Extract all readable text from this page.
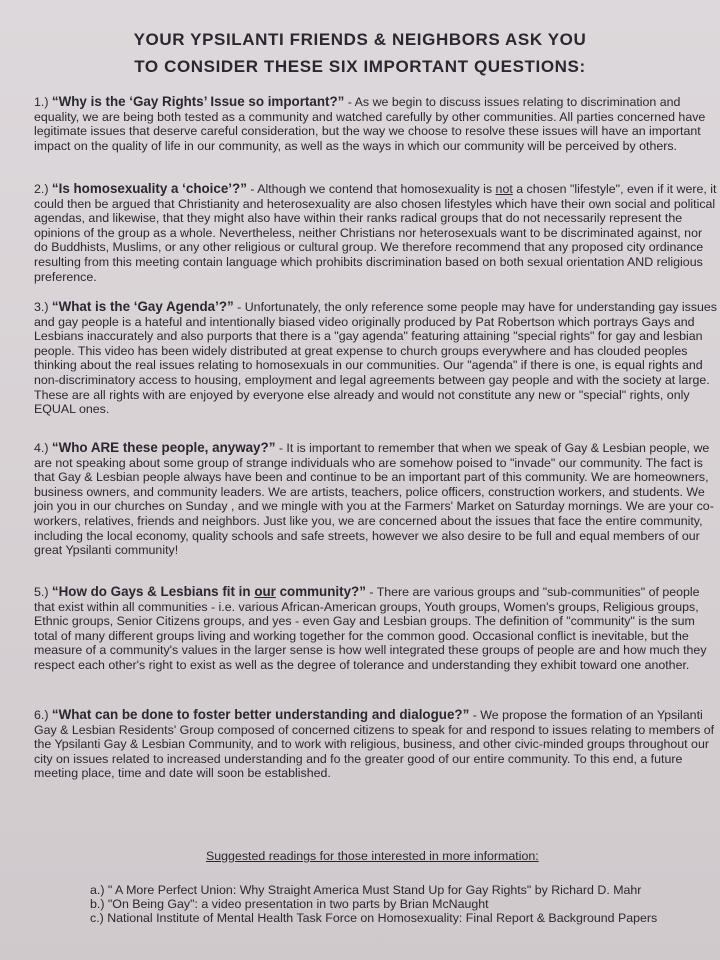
YOUR YPSILANTI FRIENDS & NEIGHBORS ASK YOU
TO CONSIDER THESE SIX IMPORTANT QUESTIONS:
1.) “Why is the ‘Gay Rights’ Issue so important?” - As we begin to discuss issues relating to discrimination and equality, we are being both tested as a community and watched carefully by other communities. All parties concerned have legitimate issues that deserve careful consideration, but the way we choose to resolve these issues will have an important impact on the quality of life in our community, as well as the ways in which our community will be perceived by others.
2.) “Is homosexuality a ‘choice’?” - Although we contend that homosexuality is not a chosen "lifestyle", even if it were, it could then be argued that Christianity and heterosexuality are also chosen lifestyles which have their own social and political agendas, and likewise, that they might also have within their ranks radical groups that do not necessarily represent the opinions of the group as a whole. Nevertheless, neither Christians nor heterosexuals want to be discriminated against, nor do Buddhists, Muslims, or any other religious or cultural group. We therefore recommend that any proposed city ordinance resulting from this meeting contain language which prohibits discrimination based on both sexual orientation AND religious preference.
3.) “What is the ‘Gay Agenda’?” - Unfortunately, the only reference some people may have for understanding gay issues and gay people is a hateful and intentionally biased video originally produced by Pat Robertson which portrays Gays and Lesbians inaccurately and also purports that there is a "gay agenda" featuring attaining "special rights" for gay and lesbian people. This video has been widely distributed at great expense to church groups everywhere and has clouded peoples thinking about the real issues relating to homosexuals in our communities. Our "agenda" if there is one, is equal rights and non-discriminatory access to housing, employment and legal agreements between gay people and with the society at large. These are all rights with are enjoyed by everyone else already and would not constitute any new or "special" rights, only EQUAL ones.
4.) “Who ARE these people, anyway?” - It is important to remember that when we speak of Gay & Lesbian people, we are not speaking about some group of strange individuals who are somehow poised to "invade" our community. The fact is that Gay & Lesbian people always have been and continue to be an important part of this community. We are homeowners, business owners, and community leaders. We are artists, teachers, police officers, construction workers, and students. We join you in our churches on Sunday , and we mingle with you at the Farmers' Market on Saturday mornings. We are your co-workers, relatives, friends and neighbors. Just like you, we are concerned about the issues that face the entire community, including the local economy, quality schools and safe streets, however we also desire to be full and equal members of our great Ypsilanti community!
5.) “How do Gays & Lesbians fit in our community?” - There are various groups and "sub-communities" of people that exist within all communities - i.e. various African-American groups, Youth groups, Women's groups, Religious groups, Ethnic groups, Senior Citizens groups, and yes - even Gay and Lesbian groups. The definition of "community" is the sum total of many different groups living and working together for the common good. Occasional conflict is inevitable, but the measure of a community's values in the larger sense is how well integrated these groups of people are and how much they respect each other's right to exist as well as the degree of tolerance and understanding they exhibit toward one another.
6.) “What can be done to foster better understanding and dialogue?” - We propose the formation of an Ypsilanti Gay & Lesbian Residents' Group composed of concerned citizens to speak for and respond to issues relating to members of the Ypsilanti Gay & Lesbian Community, and to work with religious, business, and other civic-minded groups throughout our city on issues related to increased understanding and fo the greater good of our entire community. To this end, a future meeting place, time and date will soon be established.
Suggested readings for those interested in more information:
a.) " A More Perfect Union: Why Straight America Must Stand Up for Gay Rights" by Richard D. Mahr
b.) "On Being Gay": a video presentation in two parts by Brian McNaught
c.) National Institute of Mental Health Task Force on Homosexuality: Final Report & Background Papers
